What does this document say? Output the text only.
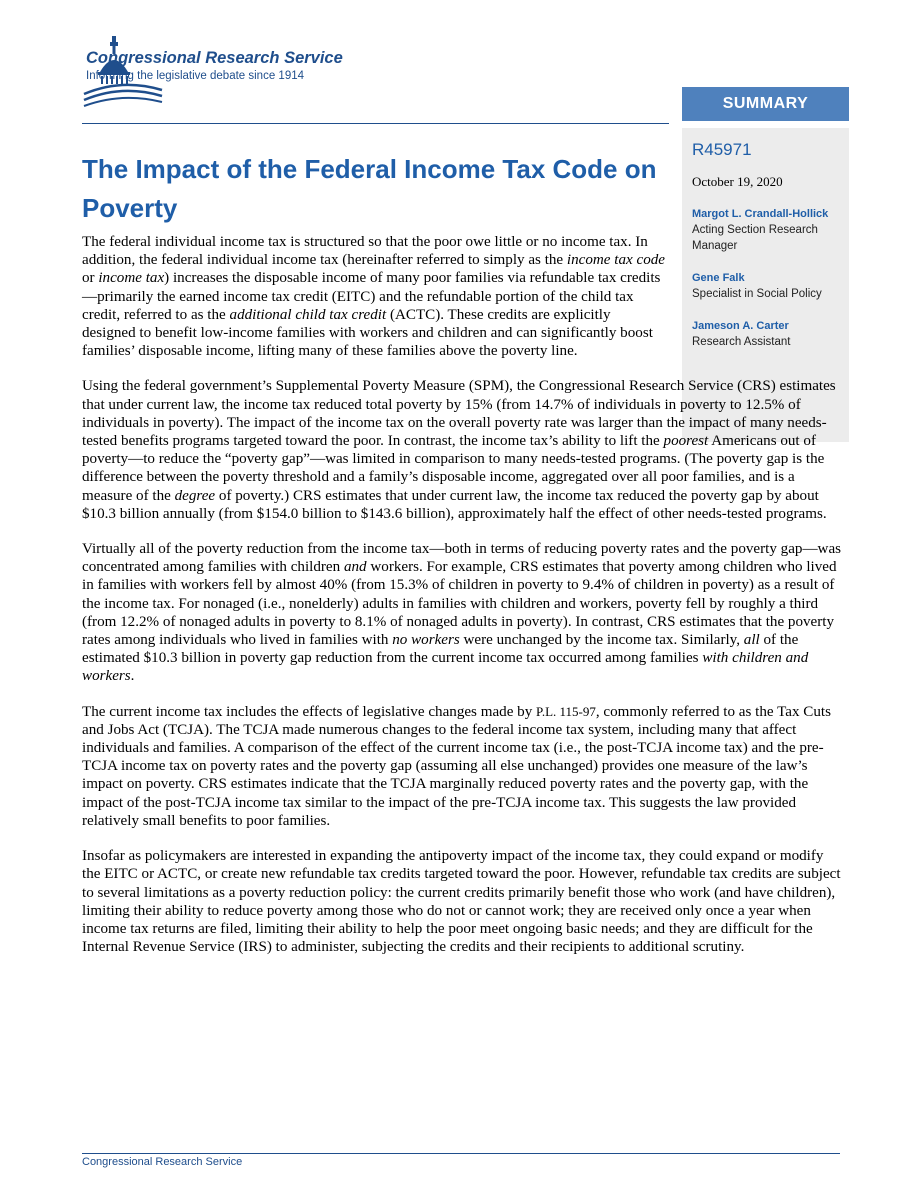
Congressional Research Service
Informing the legislative debate since 1914
SUMMARY
R45971
October 19, 2020
Margot L. Crandall-Hollick
Acting Section Research Manager
Gene Falk
Specialist in Social Policy
Jameson A. Carter
Research Assistant
The Impact of the Federal Income Tax Code on Poverty

The federal individual income tax is structured so that the poor owe little or no income tax. In addition, the federal individual income tax (hereinafter referred to simply as the income tax code or income tax) increases the disposable income of many poor families via refundable tax credits—primarily the earned income tax credit (EITC) and the refundable portion of the child tax credit, referred to as the additional child tax credit (ACTC). These credits are explicitly designed to benefit low-income families with workers and children and can significantly boost families’ disposable income, lifting many of these families above the poverty line.

Using the federal government’s Supplemental Poverty Measure (SPM), the Congressional Research Service (CRS) estimates that under current law, the income tax reduced total poverty by 15% (from 14.7% of individuals in poverty to 12.5% of individuals in poverty). The impact of the income tax on the overall poverty rate was larger than the impact of many needs-tested benefits programs targeted toward the poor. In contrast, the income tax’s ability to lift the poorest Americans out of poverty—to reduce the “poverty gap”—was limited in comparison to many needs-tested programs. (The poverty gap is the difference between the poverty threshold and a family’s disposable income, aggregated over all poor families, and is a measure of the degree of poverty.) CRS estimates that under current law, the income tax reduced the poverty gap by about $10.3 billion annually (from $154.0 billion to $143.6 billion), approximately half the effect of other needs-tested programs.

Virtually all of the poverty reduction from the income tax—both in terms of reducing poverty rates and the poverty gap—was concentrated among families with children and workers. For example, CRS estimates that poverty among children who lived in families with workers fell by almost 40% (from 15.3% of children in poverty to 9.4% of children in poverty) as a result of the income tax. For nonaged (i.e., nonelderly) adults in families with children and workers, poverty fell by roughly a third (from 12.2% of nonaged adults in poverty to 8.1% of nonaged adults in poverty). In contrast, CRS estimates that the poverty rates among individuals who lived in families with no workers were unchanged by the income tax. Similarly, all of the estimated $10.3 billion in poverty gap reduction from the current income tax occurred among families with children and workers.

The current income tax includes the effects of legislative changes made by P.L. 115-97, commonly referred to as the Tax Cuts and Jobs Act (TCJA). The TCJA made numerous changes to the federal income tax system, including many that affect individuals and families. A comparison of the effect of the current income tax (i.e., the post-TCJA income tax) and the pre-TCJA income tax on poverty rates and the poverty gap (assuming all else unchanged) provides one measure of the law’s impact on poverty. CRS estimates indicate that the TCJA marginally reduced poverty rates and the poverty gap, with the impact of the post-TCJA income tax similar to the impact of the pre-TCJA income tax. This suggests the law provided relatively small benefits to poor families.

Insofar as policymakers are interested in expanding the antipoverty impact of the income tax, they could expand or modify the EITC or ACTC, or create new refundable tax credits targeted toward the poor. However, refundable tax credits are subject to several limitations as a poverty reduction policy: the current credits primarily benefit those who work (and have children), limiting their ability to reduce poverty among those who do not or cannot work; they are received only once a year when income tax returns are filed, limiting their ability to help the poor meet ongoing basic needs; and they are difficult for the Internal Revenue Service (IRS) to administer, subjecting the credits and their recipients to additional scrutiny.

Congressional Research Service
